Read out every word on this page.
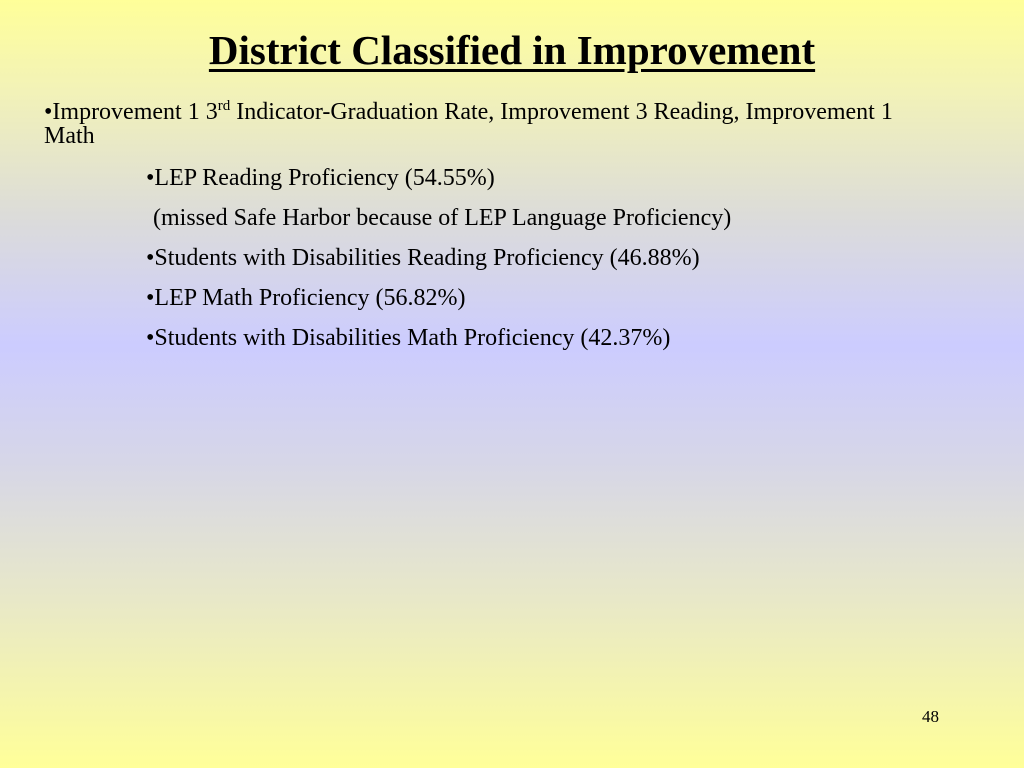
District Classified in Improvement

•Improvement 1 3rd Indicator-Graduation Rate, Improvement 3 Reading, Improvement 1 Math

•LEP Reading Proficiency (54.55%)

(missed Safe Harbor because of LEP Language Proficiency)

•Students with Disabilities Reading Proficiency (46.88%)

•LEP Math Proficiency (56.82%)

•Students with Disabilities Math Proficiency (42.37%)

48
